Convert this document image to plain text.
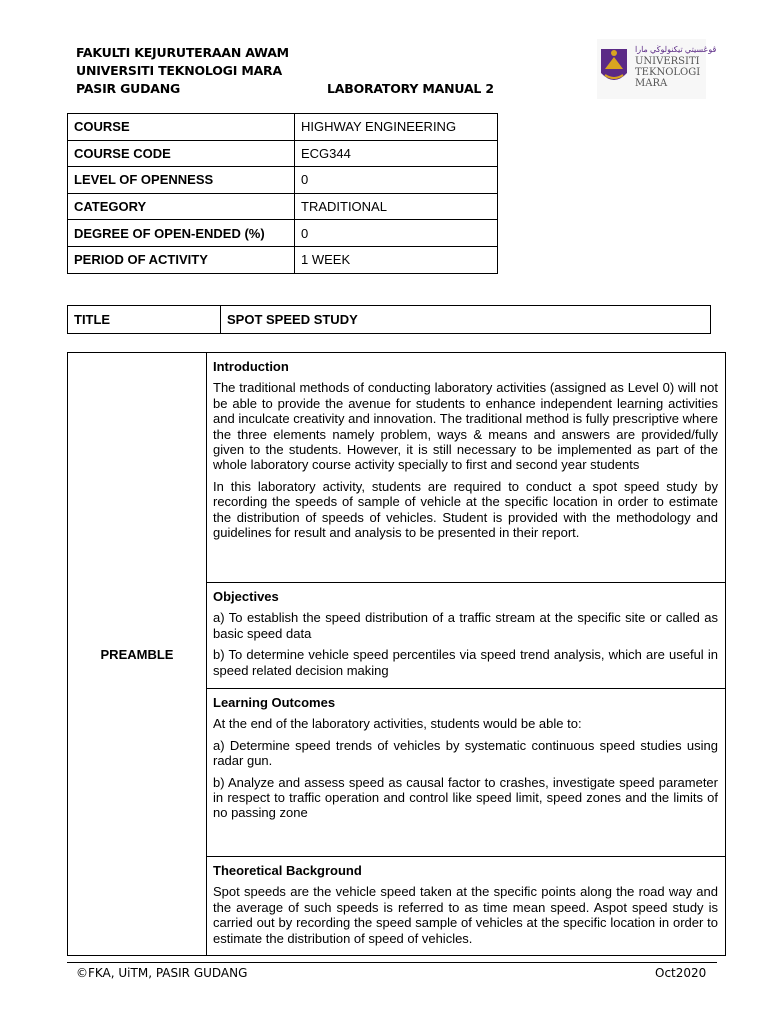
FAKULTI KEJURUTERAAN AWAM
UNIVERSITI TEKNOLOGI MARA
PASIR GUDANG	LABORATORY MANUAL 2
ڤوڠسيتي تيكنولوڬي مارا
UNIVERSITI
TEKNOLOGI
MARA
COURSE	HIGHWAY ENGINEERING
COURSE CODE	ECG344
LEVEL OF OPENNESS	0
CATEGORY	TRADITIONAL
DEGREE OF OPEN-ENDED (%)	0
PERIOD OF ACTIVITY	1 WEEK
TITLE	SPOT SPEED STUDY
PREAMBLE	
Introduction

The traditional methods of conducting laboratory activities (assigned as Level 0) will not be able to provide the avenue for students to enhance independent learning activities and inculcate creativity and innovation. The traditional method is fully prescriptive where the three elements namely problem, ways & means and answers are provided/fully given to the students. However, it is still necessary to be implemented as part of the whole laboratory course activity specially to first and second year students

In this laboratory activity, students are required to conduct a spot speed study by recording the speeds of sample of vehicle at the specific location in order to estimate the distribution of speeds of vehicles. Student is provided with the methodology and guidelines for result and analysis to be presented in their report.

Objectives

a) To establish the speed distribution of a traffic stream at the specific site or called as basic speed data

b) To determine vehicle speed percentiles via speed trend analysis, which are useful in speed related decision making

Learning Outcomes

At the end of the laboratory activities, students would be able to:

a) Determine speed trends of vehicles by systematic continuous speed studies using radar gun.

b) Analyze and assess speed as causal factor to crashes, investigate speed parameter in respect to traffic operation and control like speed limit, speed zones and the limits of no passing zone

Theoretical Background

Spot speeds are the vehicle speed taken at the specific points along the road way and the average of such speeds is referred to as time mean speed. Aspot speed study is carried out by recording the speed sample of vehicles at the specific location in order to estimate the distribution of speed of vehicles.

©FKA, UiTM, PASIR GUDANG	Oct2020
